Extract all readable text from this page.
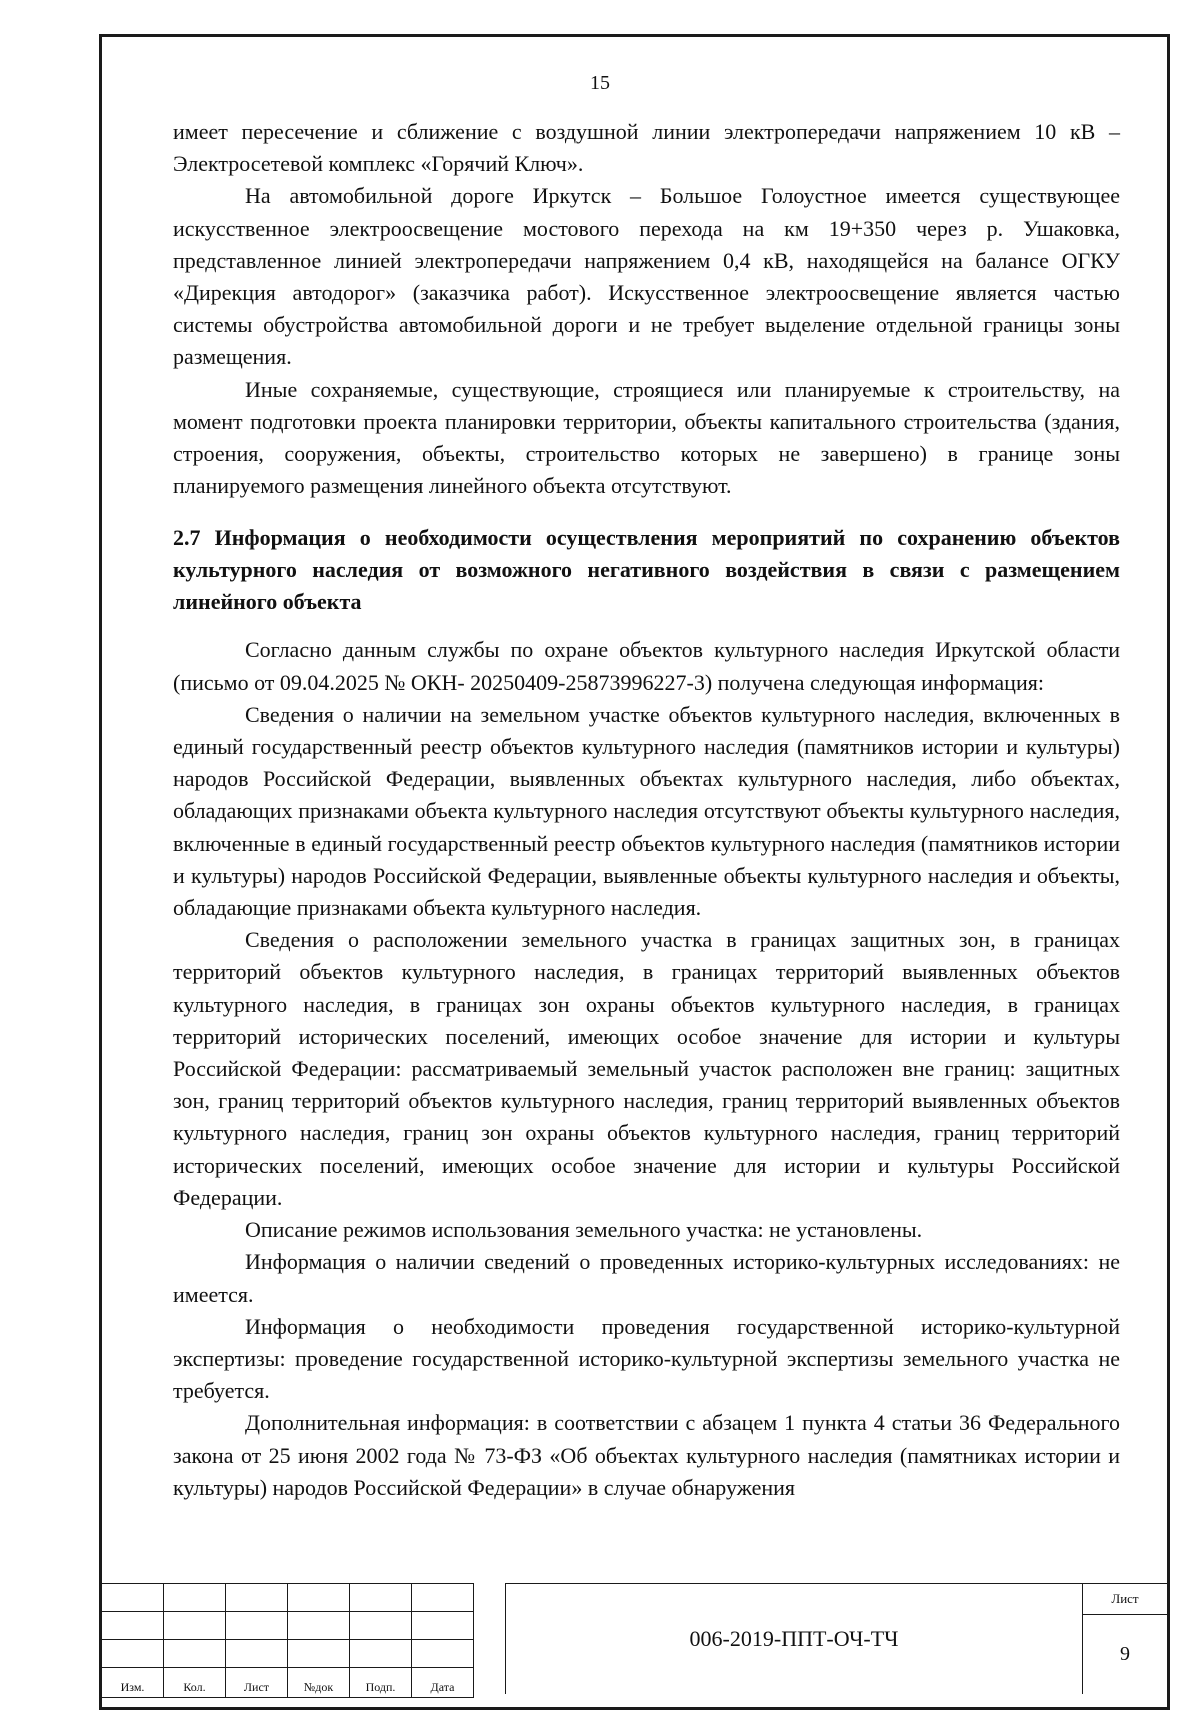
15

имеет пересечение и сближение с воздушной линии электропередачи напряжением 10 кВ – Электросетевой комплекс «Горячий Ключ».

На автомобильной дороге Иркутск – Большое Голоустное имеется существующее искусственное электроосвещение мостового перехода на км 19+350 через р. Ушаковка, представленное линией электропередачи напряжением 0,4 кВ, находящейся на балансе ОГКУ «Дирекция автодорог» (заказчика работ). Искусственное электроосвещение является частью системы обустройства автомобильной дороги и не требует выделение отдельной границы зоны размещения.

Иные сохраняемые, существующие, строящиеся или планируемые к строительству, на момент подготовки проекта планировки территории, объекты капитального строительства (здания, строения, сооружения, объекты, строительство которых не завершено) в границе зоны планируемого размещения линейного объекта отсутствуют.

2.7 Информация о необходимости осуществления мероприятий по сохранению объектов культурного наследия от возможного негативного воздействия в связи с размещением линейного объекта

Согласно данным службы по охране объектов культурного наследия Иркутской области (письмо от 09.04.2025 № ОКН- 20250409-25873996227-3) получена следующая информация:

Сведения о наличии на земельном участке объектов культурного наследия, включенных в единый государственный реестр объектов культурного наследия (памятников истории и культуры) народов Российской Федерации, выявленных объектах культурного наследия, либо объектах, обладающих признаками объекта культурного наследия отсутствуют объекты культурного наследия, включенные в единый государственный реестр объектов культурного наследия (памятников истории и культуры) народов Российской Федерации, выявленные объекты культурного наследия и объекты, обладающие признаками объекта культурного наследия.

Сведения о расположении земельного участка в границах защитных зон, в границах территорий объектов культурного наследия, в границах территорий выявленных объектов культурного наследия, в границах зон охраны объектов культурного наследия, в границах территорий исторических поселений, имеющих особое значение для истории и культуры Российской Федерации: рассматриваемый земельный участок расположен вне границ: защитных зон, границ территорий объектов культурного наследия, границ территорий выявленных объектов культурного наследия, границ зон охраны объектов культурного наследия, границ территорий исторических поселений, имеющих особое значение для истории и культуры Российской Федерации.

Описание режимов использования земельного участка: не установлены.

Информация о наличии сведений о проведенных историко-культурных исследованиях: не имеется.

Информация о необходимости проведения государственной историко-культурной экспертизы: проведение государственной историко-культурной экспертизы земельного участка не требуется.

Дополнительная информация: в соответствии с абзацем 1 пункта 4 статьи 36 Федерального закона от 25 июня 2002 года № 73-ФЗ «Об объектах культурного наследия (памятниках истории и культуры) народов Российской Федерации» в случае обнаружения

Изм.	Кол.	Лист	№док	Подп.	Дата
006-2019-ППТ-ОЧ-ТЧ
Лист
9
